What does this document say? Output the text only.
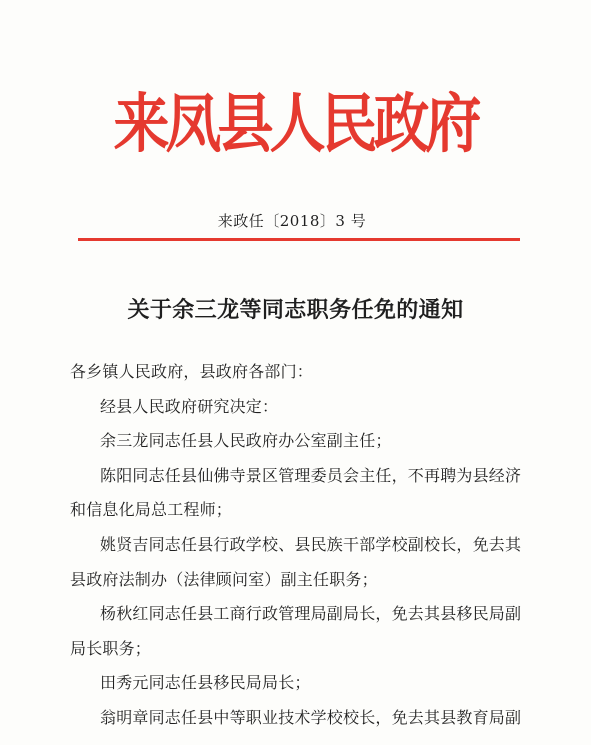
来凤县人民政府
来政任〔2018〕3 号
关于余三龙等同志职务任免的通知
各乡镇人民政府，县政府各部门：
经县人民政府研究决定：
余三龙同志任县人民政府办公室副主任；
陈阳同志任县仙佛寺景区管理委员会主任，不再聘为县经济
和信息化局总工程师；
姚贤吉同志任县行政学校、县民族干部学校副校长，免去其
县政府法制办（法律顾问室）副主任职务；
杨秋红同志任县工商行政管理局副局长，免去其县移民局副
局长职务；
田秀元同志任县移民局局长；
翁明章同志任县中等职业技术学校校长，免去其县教育局副
